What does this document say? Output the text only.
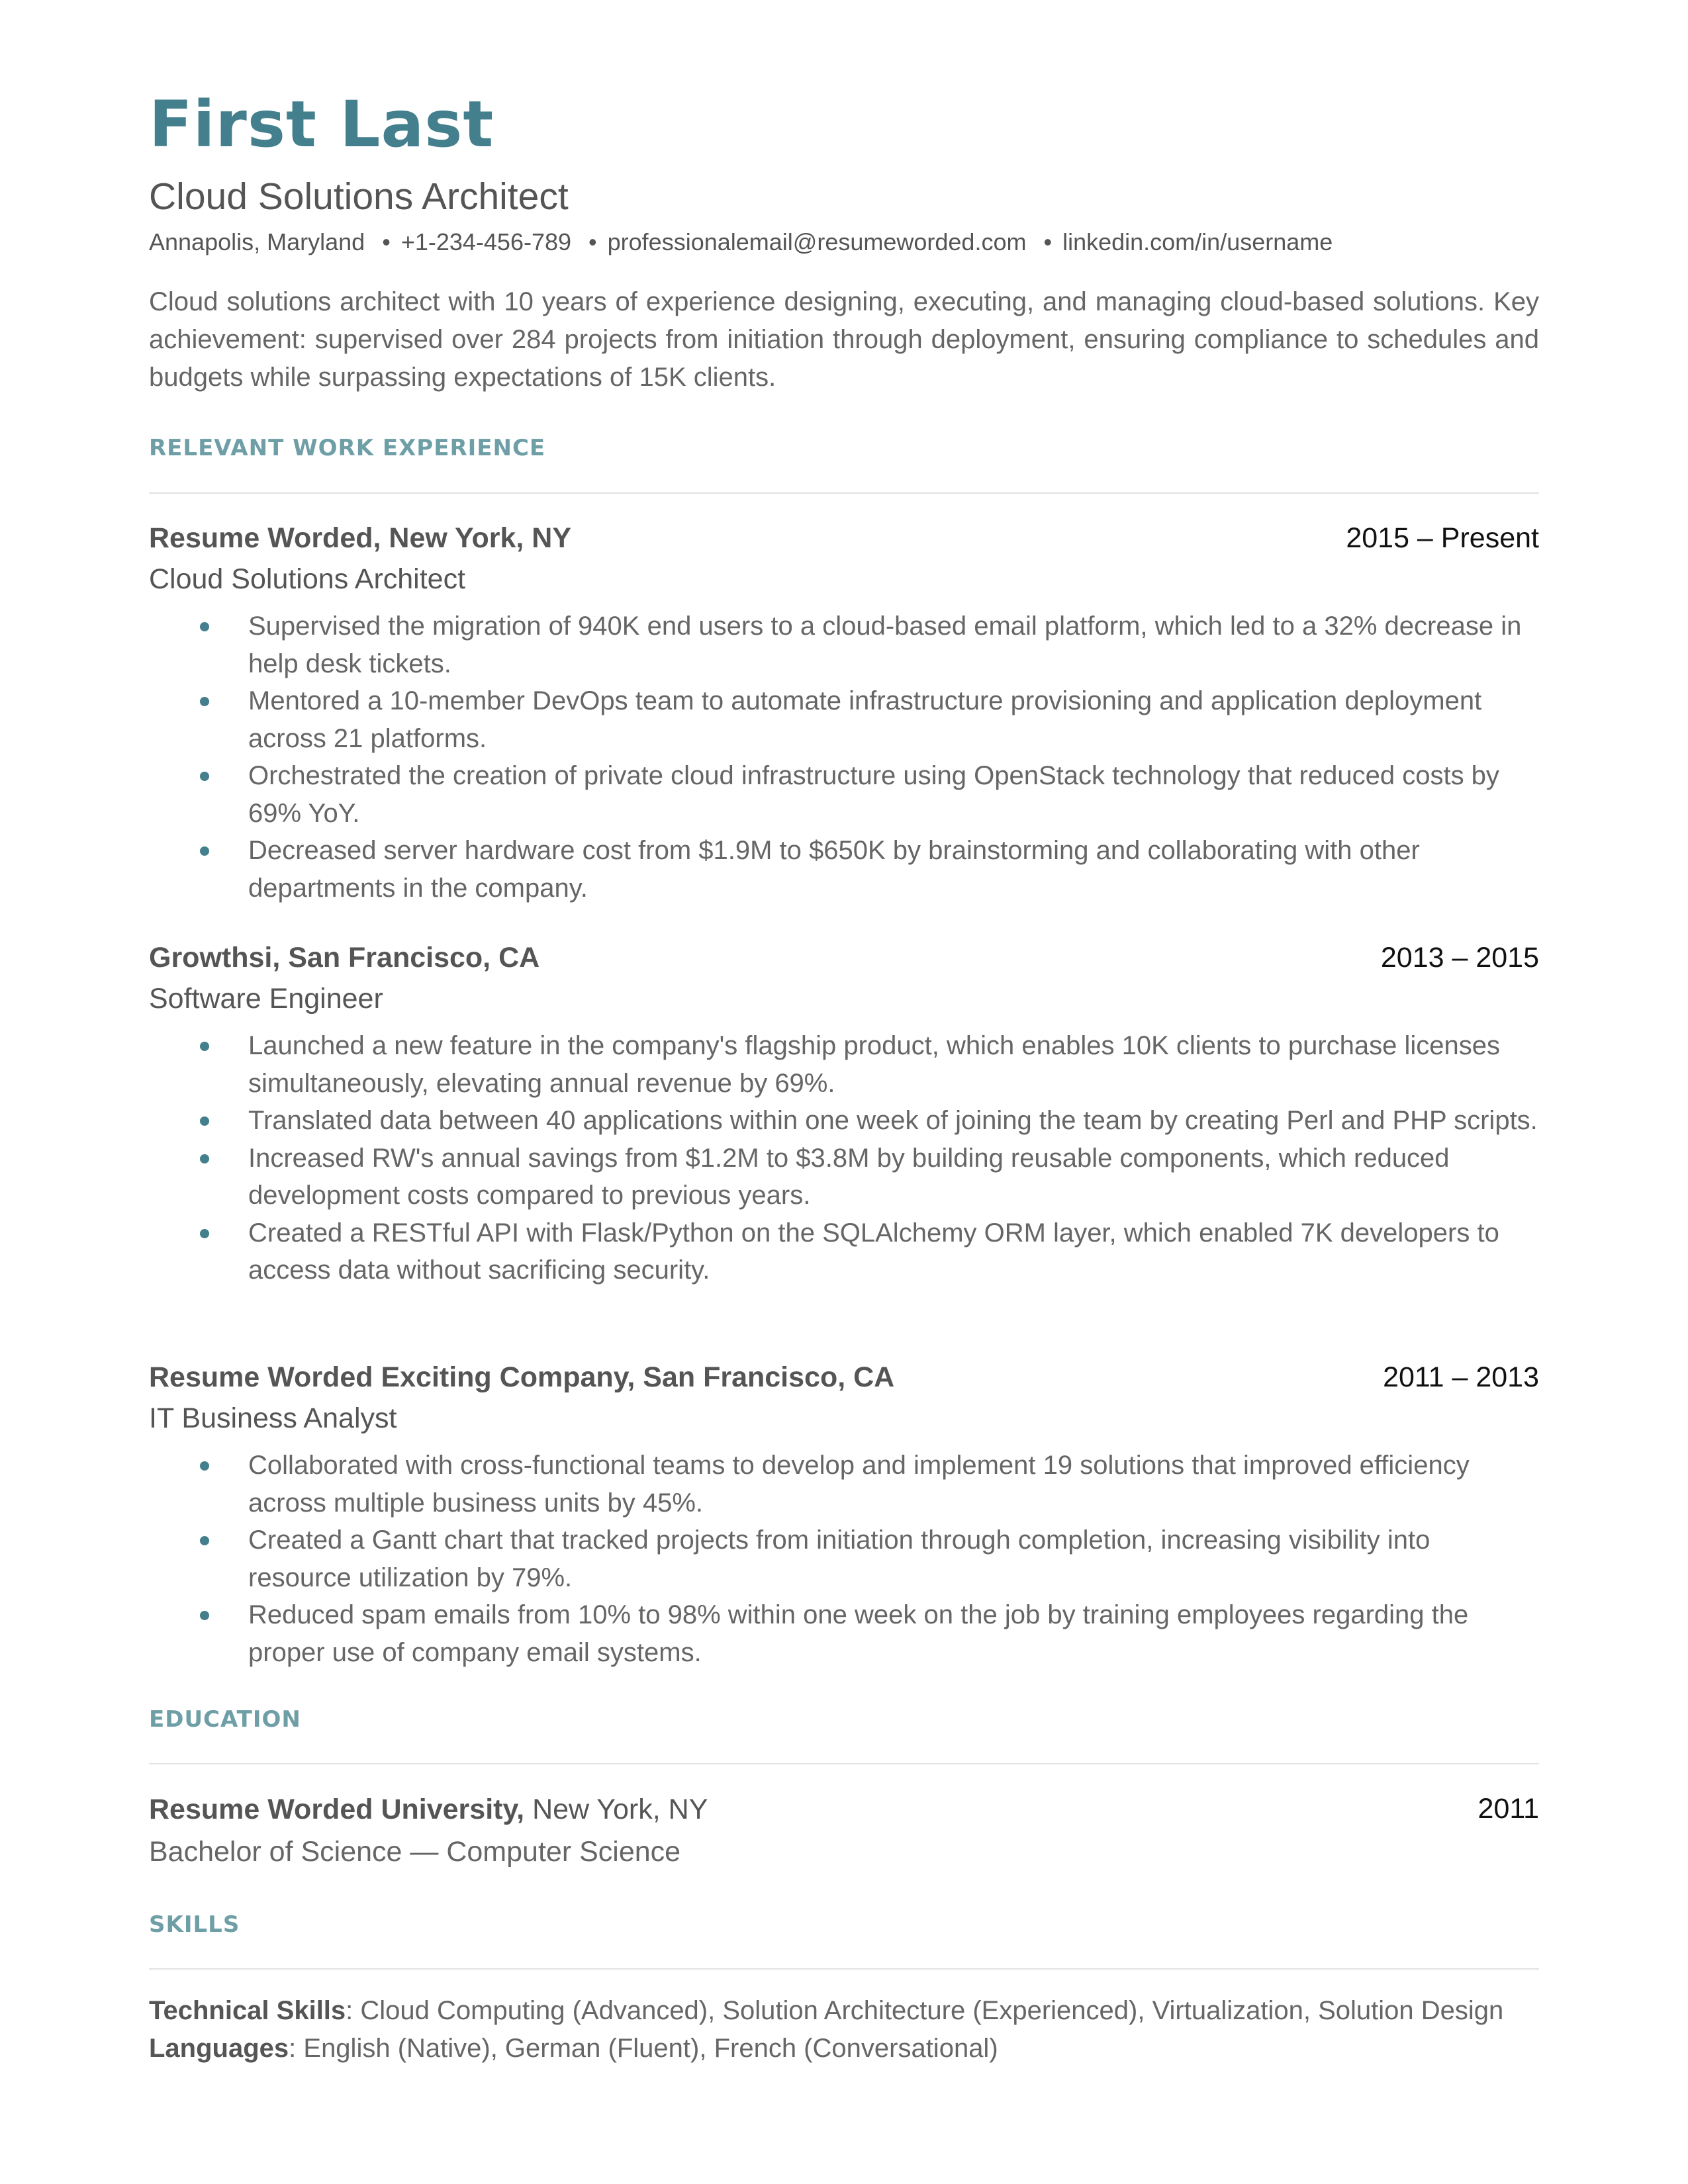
First Last
Cloud Solutions Architect
Annapolis, Maryland • +1-234-456-789 • professionalemail@resumeworded.com • linkedin.com/in/username
Cloud solutions architect with 10 years of experience designing, executing, and managing cloud-based solutions. Key achievement: supervised over 284 projects from initiation through deployment, ensuring compliance to schedules and budgets while surpassing expectations of 15K clients.
RELEVANT WORK EXPERIENCE
Resume Worded, New York, NY	2015 – Present
Cloud Solutions Architect
Supervised the migration of 940K end users to a cloud-based email platform, which led to a 32% decrease in help desk tickets.
Mentored a 10-member DevOps team to automate infrastructure provisioning and application deployment across 21 platforms.
Orchestrated the creation of private cloud infrastructure using OpenStack technology that reduced costs by 69% YoY.
Decreased server hardware cost from $1.9M to $650K by brainstorming and collaborating with other departments in the company.
Growthsi, San Francisco, CA	2013 – 2015
Software Engineer
Launched a new feature in the company's flagship product, which enables 10K clients to purchase licenses simultaneously, elevating annual revenue by 69%.
Translated data between 40 applications within one week of joining the team by creating Perl and PHP scripts.
Increased RW's annual savings from $1.2M to $3.8M by building reusable components, which reduced development costs compared to previous years.
Created a RESTful API with Flask/Python on the SQLAlchemy ORM layer, which enabled 7K developers to access data without sacrificing security.
Resume Worded Exciting Company, San Francisco, CA	2011 – 2013
IT Business Analyst
Collaborated with cross-functional teams to develop and implement 19 solutions that improved efficiency across multiple business units by 45%.
Created a Gantt chart that tracked projects from initiation through completion, increasing visibility into resource utilization by 79%.
Reduced spam emails from 10% to 98% within one week on the job by training employees regarding the proper use of company email systems.
EDUCATION
Resume Worded University, New York, NY	2011
Bachelor of Science — Computer Science
SKILLS
Technical Skills: Cloud Computing (Advanced), Solution Architecture (Experienced), Virtualization, Solution Design
Languages: English (Native), German (Fluent), French (Conversational)
